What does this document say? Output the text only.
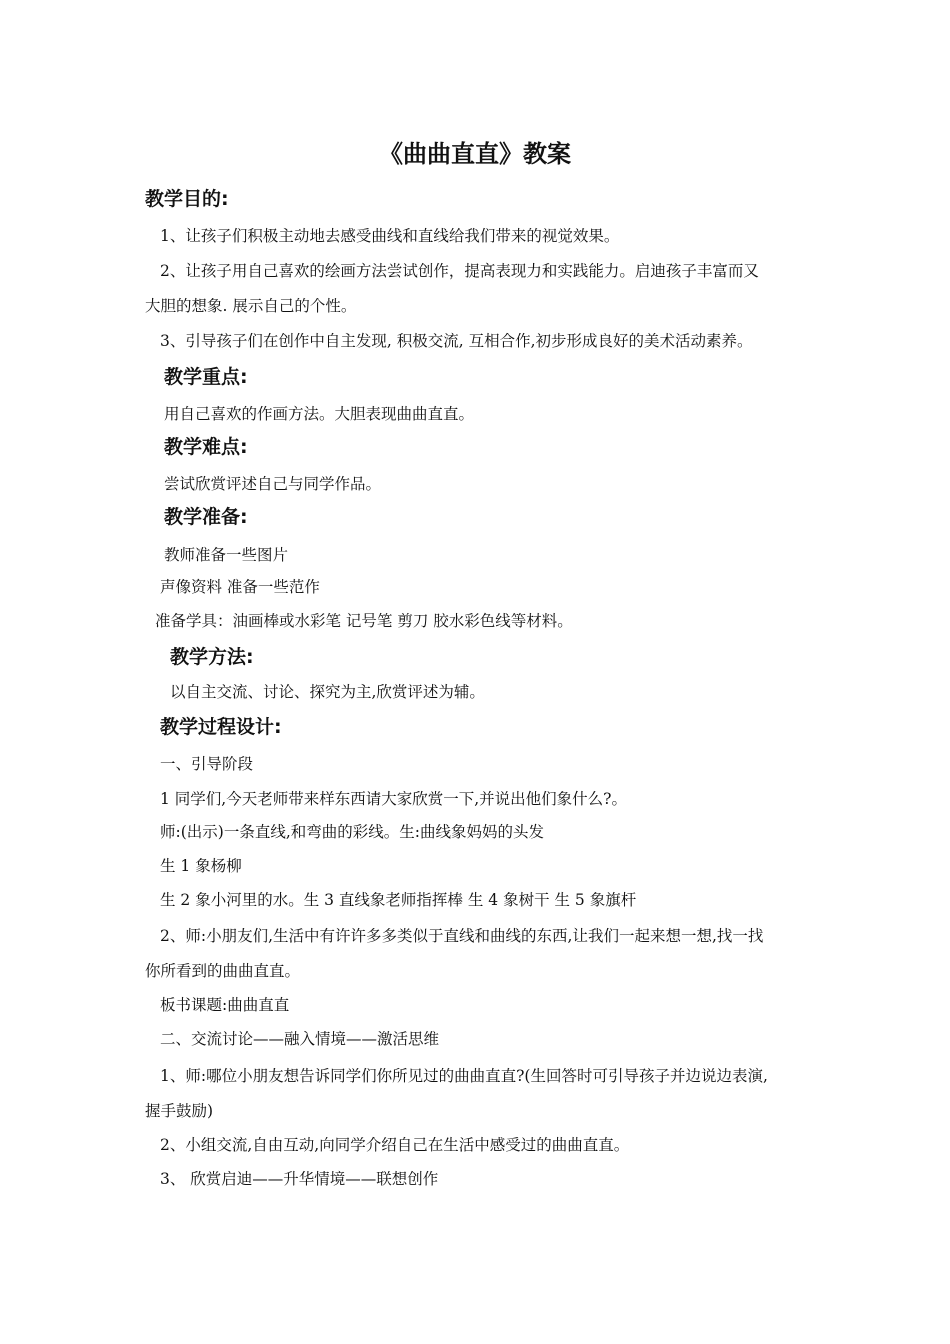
《曲曲直直》教案
教学目的:
1、让孩子们积极主动地去感受曲线和直线给我们带来的视觉效果。
2、让孩子用自己喜欢的绘画方法尝试创作，提高表现力和实践能力。启迪孩子丰富而又
大胆的想象. 展示自己的个性。
3、引导孩子们在创作中自主发现, 积极交流, 互相合作,初步形成良好的美术活动素养。
教学重点:
用自己喜欢的作画方法。大胆表现曲曲直直。
教学难点:
尝试欣赏评述自己与同学作品。
教学准备:
教师准备一些图片
声像资料 准备一些范作
准备学具：油画棒或水彩笔 记号笔 剪刀 胶水彩色线等材料。
教学方法:
以自主交流、讨论、探究为主,欣赏评述为辅。
教学过程设计:
一、引导阶段
1 同学们,今天老师带来样东西请大家欣赏一下,并说出他们象什么?。
师:(出示)一条直线,和弯曲的彩线。生:曲线象妈妈的头发
生 1 象杨柳
生 2 象小河里的水。生 3 直线象老师指挥棒 生 4 象树干 生 5 象旗杆
2、师:小朋友们,生活中有许许多多类似于直线和曲线的东西,让我们一起来想一想,找一找
你所看到的曲曲直直。
板书课题:曲曲直直
二、交流讨论——融入情境——激活思维
1、师:哪位小朋友想告诉同学们你所见过的曲曲直直?(生回答时可引导孩子并边说边表演,
握手鼓励)
2、小组交流,自由互动,向同学介绍自己在生活中感受过的曲曲直直。
3、 欣赏启迪——升华情境——联想创作
